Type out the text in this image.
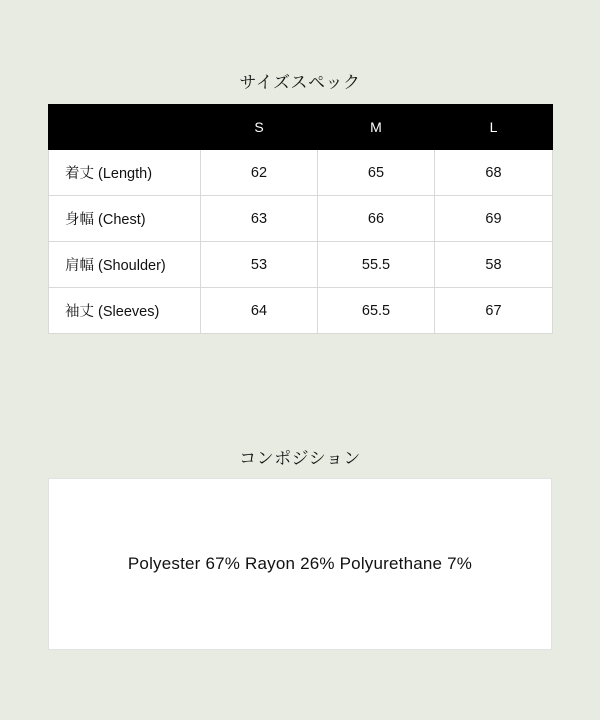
サイズスペック
	S	M	L
着丈 (Length)	62	65	68
身幅 (Chest)	63	66	69
肩幅 (Shoulder)	53	55.5	58
袖丈 (Sleeves)	64	65.5	67
コンポジション
Polyester 67% Rayon 26% Polyurethane 7%
